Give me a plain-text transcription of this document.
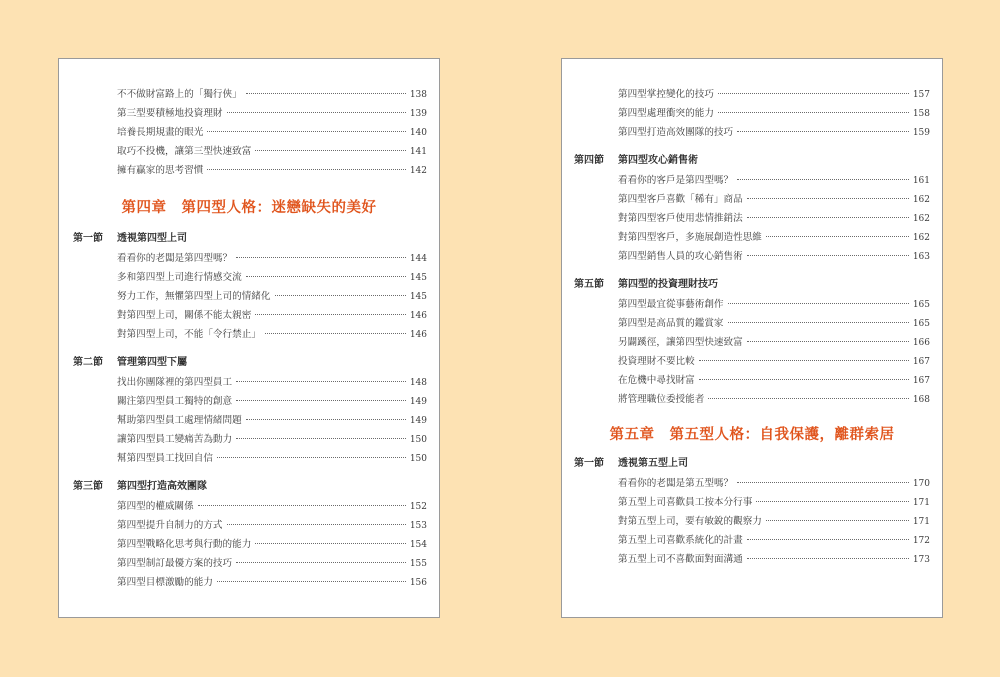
不不做財富路上的「獨行俠」	138
第三型要積極地投資理財	139
培養長期規畫的眼光	140
取巧不投機，讓第三型快速致富	141
擁有贏家的思考習慣	142
第四章　第四型人格：迷戀缺失的美好
第一節	透視第四型上司
看看你的老闆是第四型嗎？	144
多和第四型上司進行情感交流	145
努力工作，無懼第四型上司的情緒化	145
對第四型上司，關係不能太親密	146
對第四型上司，不能「令行禁止」	146
第二節	管理第四型下屬
找出你團隊裡的第四型員工	148
關注第四型員工獨特的創意	149
幫助第四型員工處理情緒問題	149
讓第四型員工變痛苦為動力	150
幫第四型員工找回自信	150
第三節	第四型打造高效團隊
第四型的權威關係	152
第四型提升自制力的方式	153
第四型戰略化思考與行動的能力	154
第四型制訂最優方案的技巧	155
第四型目標激勵的能力	156
第四型掌控變化的技巧	157
第四型處理衝突的能力	158
第四型打造高效團隊的技巧	159
第四節	第四型攻心銷售術
看看你的客戶是第四型嗎？	161
第四型客戶喜歡「稀有」商品	162
對第四型客戶使用悲情推銷法	162
對第四型客戶，多施展創造性思維	162
第四型銷售人員的攻心銷售術	163
第五節	第四型的投資理財技巧
第四型最宜從事藝術創作	165
第四型是高品質的鑑賞家	165
另闢蹊徑，讓第四型快速致富	166
投資理財不要比較	167
在危機中尋找財富	167
將管理職位委授能者	168
第五章　第五型人格：自我保護，離群索居
第一節	透視第五型上司
看看你的老闆是第五型嗎？	170
第五型上司喜歡員工按本分行事	171
對第五型上司，要有敏銳的觀察力	171
第五型上司喜歡系統化的計畫	172
第五型上司不喜歡面對面溝通	173
